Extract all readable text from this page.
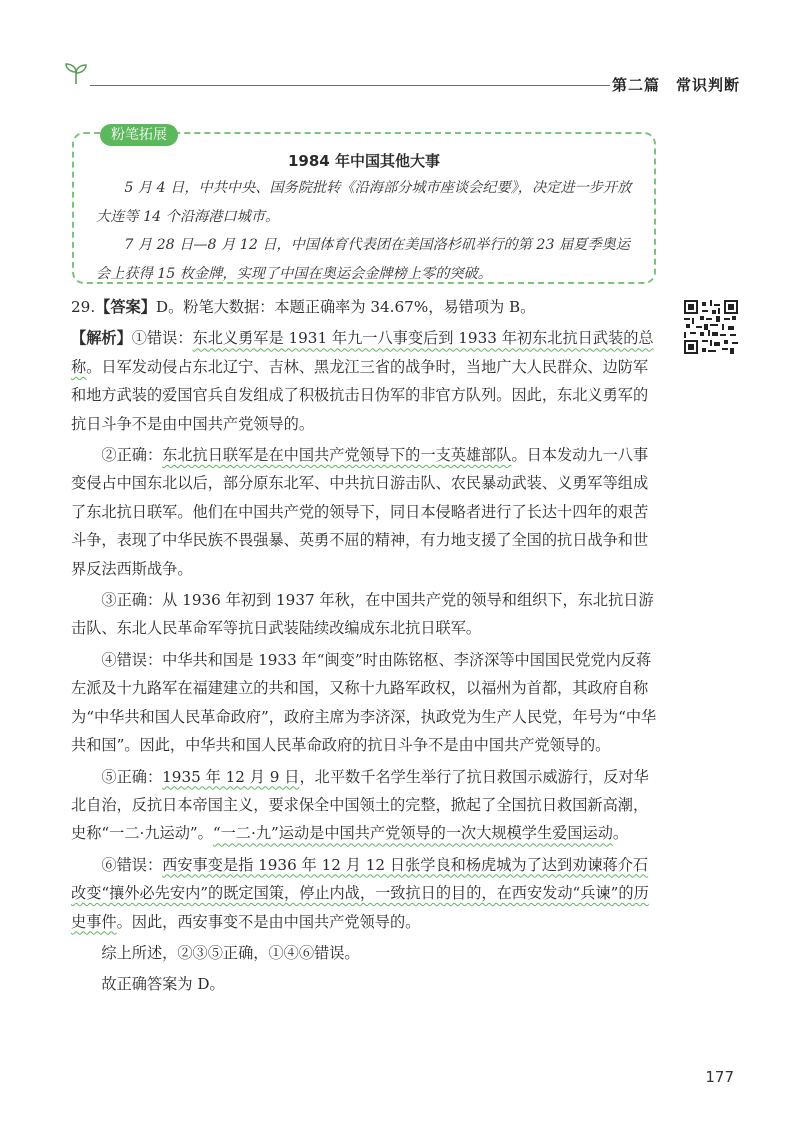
第二篇　常识判断
粉笔拓展
1984 年中国其他大事

5 月 4 日，中共中央、国务院批转《沿海部分城市座谈会纪要》，决定进一步开放大连等 14 个沿海港口城市。

7 月 28 日—8 月 12 日，中国体育代表团在美国洛杉矶举行的第 23 届夏季奥运会上获得 15 枚金牌，实现了中国在奥运会金牌榜上零的突破。

29.【答案】D。粉笔大数据：本题正确率为 34.67%，易错项为 B。

【解析】①错误：东北义勇军是 1931 年九一八事变后到 1933 年初东北抗日武装的总称。日军发动侵占东北辽宁、吉林、黑龙江三省的战争时，当地广大人民群众、边防军和地方武装的爱国官兵自发组成了积极抗击日伪军的非官方队列。因此，东北义勇军的抗日斗争不是由中国共产党领导的。

②正确：东北抗日联军是在中国共产党领导下的一支英雄部队。日本发动九一八事变侵占中国东北以后，部分原东北军、中共抗日游击队、农民暴动武装、义勇军等组成了东北抗日联军。他们在中国共产党的领导下，同日本侵略者进行了长达十四年的艰苦斗争，表现了中华民族不畏强暴、英勇不屈的精神，有力地支援了全国的抗日战争和世界反法西斯战争。

③正确：从 1936 年初到 1937 年秋，在中国共产党的领导和组织下，东北抗日游击队、东北人民革命军等抗日武装陆续改编成东北抗日联军。

④错误：中华共和国是 1933 年“闽变”时由陈铭枢、李济深等中国国民党党内反蒋左派及十九路军在福建建立的共和国，又称十九路军政权，以福州为首都，其政府自称为“中华共和国人民革命政府”，政府主席为李济深，执政党为生产人民党，年号为“中华共和国”。因此，中华共和国人民革命政府的抗日斗争不是由中国共产党领导的。

⑤正确：1935 年 12 月 9 日，北平数千名学生举行了抗日救国示威游行，反对华北自治，反抗日本帝国主义，要求保全中国领土的完整，掀起了全国抗日救国新高潮，史称“一二·九运动”。“一二·九”运动是中国共产党领导的一次大规模学生爱国运动。

⑥错误：西安事变是指 1936 年 12 月 12 日张学良和杨虎城为了达到劝谏蒋介石改变“攘外必先安内”的既定国策，停止内战，一致抗日的目的，在西安发动“兵谏”的历史事件。因此，西安事变不是由中国共产党领导的。

综上所述，②③⑤正确，①④⑥错误。

故正确答案为 D。

177
